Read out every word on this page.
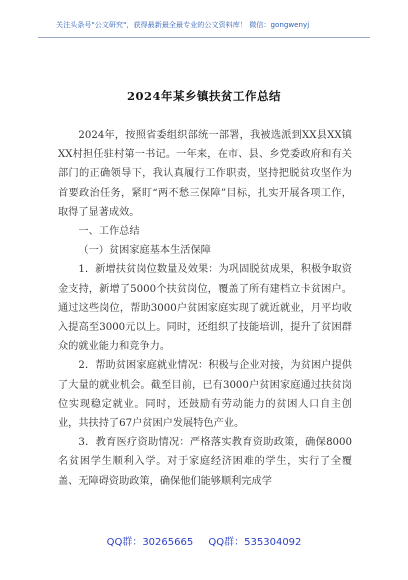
关注头条号"公文研究"，获得最新最全最专业的公文资料库！ 微信：gongwenyj
2024年某乡镇扶贫工作总结

2024年，按照省委组织部统一部署，我被选派到XX县XX镇XX村担任驻村第一书记。一年来，在市、县、乡党委政府和有关部门的正确领导下，我认真履行工作职责，坚持把脱贫攻坚作为首要政治任务，紧盯“两不愁三保障”目标，扎实开展各项工作，取得了显著成效。

一、工作总结

（一）贫困家庭基本生活保障

1．新增扶贫岗位数量及效果：为巩固脱贫成果，积极争取资金支持，新增了5000个扶贫岗位，覆盖了所有建档立卡贫困户。通过这些岗位，帮助3000户贫困家庭实现了就近就业，月平均收入提高至3000元以上。同时，还组织了技能培训，提升了贫困群众的就业能力和竞争力。

2．帮助贫困家庭就业情况：积极与企业对接，为贫困户提供了大量的就业机会。截至目前，已有3000户贫困家庭通过扶贫岗位实现稳定就业。同时，还鼓励有劳动能力的贫困人口自主创业，共扶持了67户贫困户发展特色产业。

3．教育医疗资助情况：严格落实教育资助政策，确保8000名贫困学生顺利入学。对于家庭经济困难的学生，实行了全覆盖、无障碍资助政策，确保他们能够顺利完成学

QQ群：30265665 QQ群：535304092
